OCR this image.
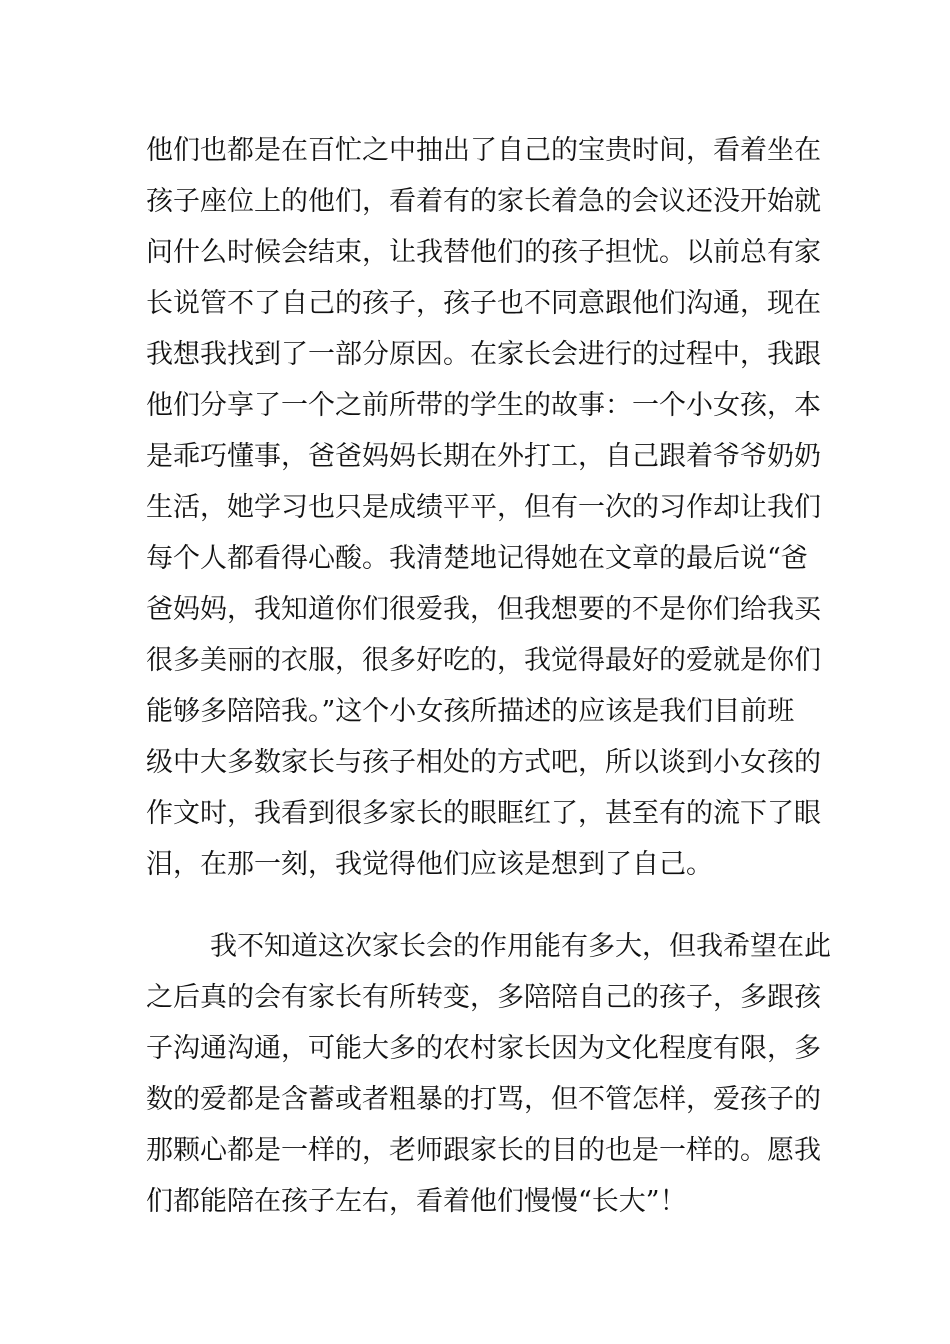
他们也都是在百忙之中抽出了自己的宝贵时间，看着坐在
孩子座位上的他们，看着有的家长着急的会议还没开始就
问什么时候会结束，让我替他们的孩子担忧。以前总有家
长说管不了自己的孩子，孩子也不同意跟他们沟通，现在
我想我找到了一部分原因。在家长会进行的过程中，我跟
他们分享了一个之前所带的学生的故事：一个小女孩，本
是乖巧懂事，爸爸妈妈长期在外打工，自己跟着爷爷奶奶
生活，她学习也只是成绩平平，但有一次的习作却让我们
每个人都看得心酸。我清楚地记得她在文章的最后说“爸
爸妈妈，我知道你们很爱我，但我想要的不是你们给我买
很多美丽的衣服，很多好吃的，我觉得最好的爱就是你们
能够多陪陪我。”这个小女孩所描述的应该是我们目前班
级中大多数家长与孩子相处的方式吧，所以谈到小女孩的
作文时，我看到很多家长的眼眶红了，甚至有的流下了眼
泪，在那一刻，我觉得他们应该是想到了自己。
我不知道这次家长会的作用能有多大，但我希望在此
之后真的会有家长有所转变，多陪陪自己的孩子，多跟孩
子沟通沟通，可能大多的农村家长因为文化程度有限，多
数的爱都是含蓄或者粗暴的打骂，但不管怎样，爱孩子的
那颗心都是一样的，老师跟家长的目的也是一样的。愿我
们都能陪在孩子左右，看着他们慢慢“长大”！
